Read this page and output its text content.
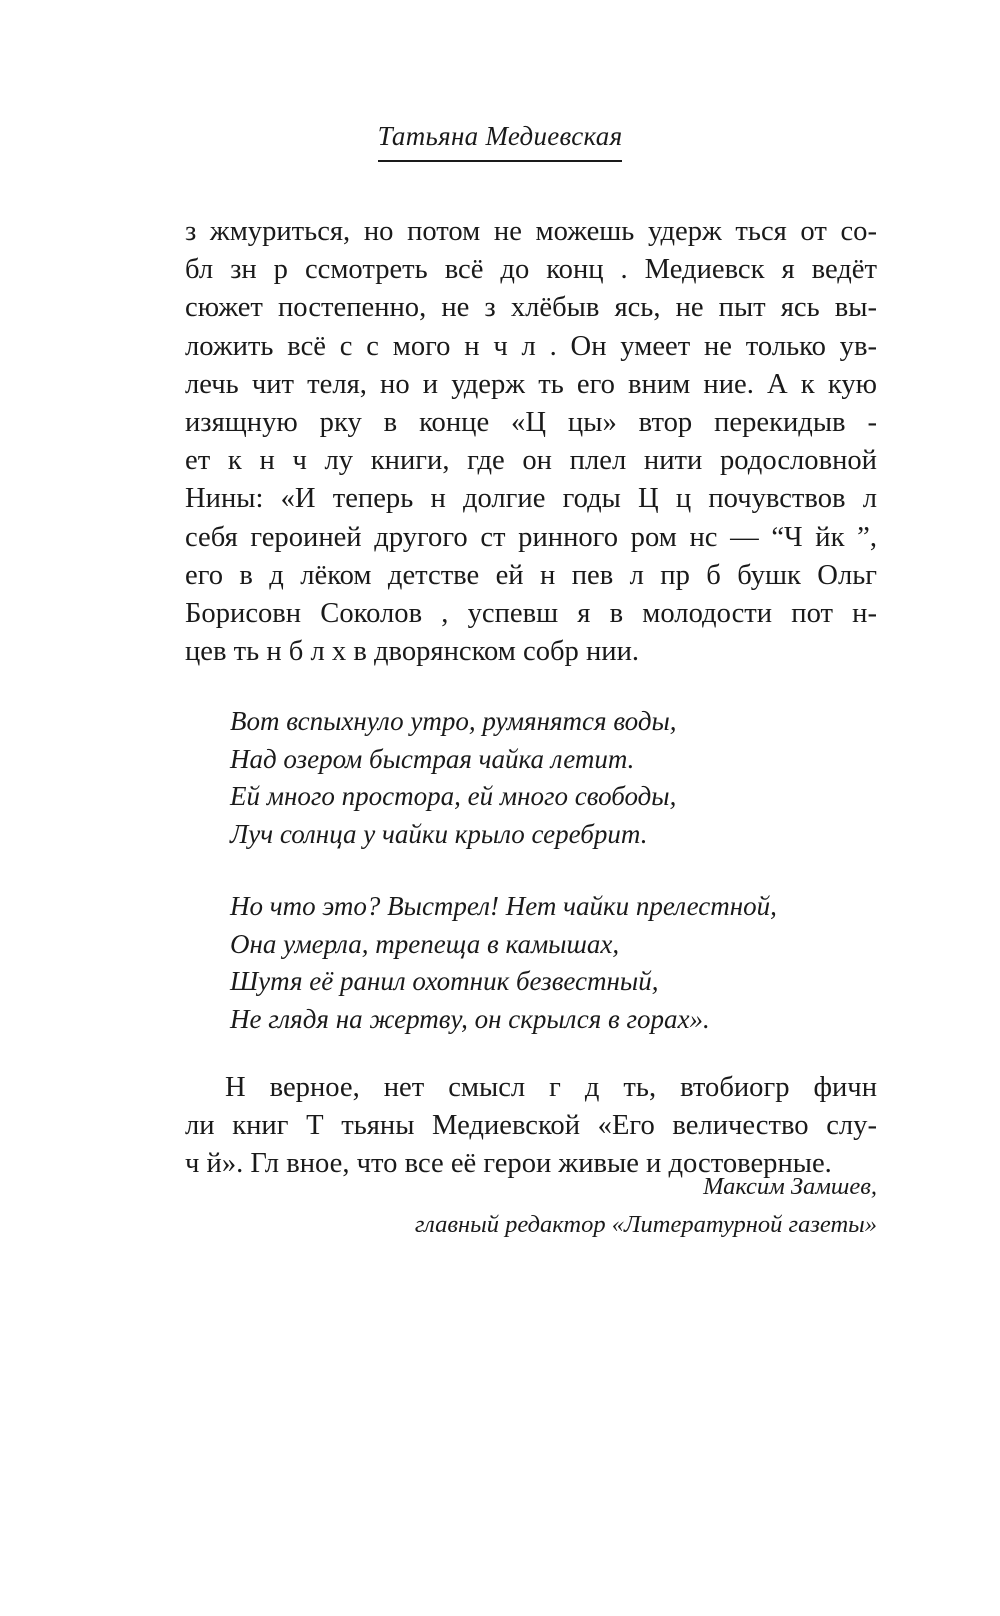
Татьяна Медиевская

з жмуриться, но потом не можешь удерж ться от со-
бл зн р ссмотреть всё до конц . Медиевск я ведёт
сюжет постепенно, не з хлёбыв ясь, не пыт ясь вы-
ложить всё с с мого н ч л . Он умеет не только ув-
лечь чит теля, но и удерж ть его вним ние. А к кую
изящную рку в конце «Ц цы» втор перекидыв -
ет к н ч лу книги, где он плел нити родословной
Нины: «И теперь н долгие годы Ц ц почувствов л
себя героиней другого ст ринного ром нс — “Ч йк ”,
его в д лёком детстве ей н пев л пр б бушк Ольг
Борисовн Соколов , успевш я в молодости пот н-
цев ть н б л х в дворянском собр нии.

Вот вспыхнуло утро, румянятся воды,
Над озером быстрая чайка летит.
Ей много простора, ей много свободы,
Луч солнца у чайки крыло серебрит.
Но что это? Выстрел! Нет чайки прелестной,
Она умерла, трепеща в камышах,
Шутя её ранил охотник безвестный,
Не глядя на жертву, он скрылся в горах».

Н верное, нет смысл г д ть, втобиогр фичн
ли книг Т тьяны Медиевской «Его величество слу-
ч й». Гл вное, что все её герои живые и достоверные.

Максим Замшев,
главный редактор «Литературной газеты»
